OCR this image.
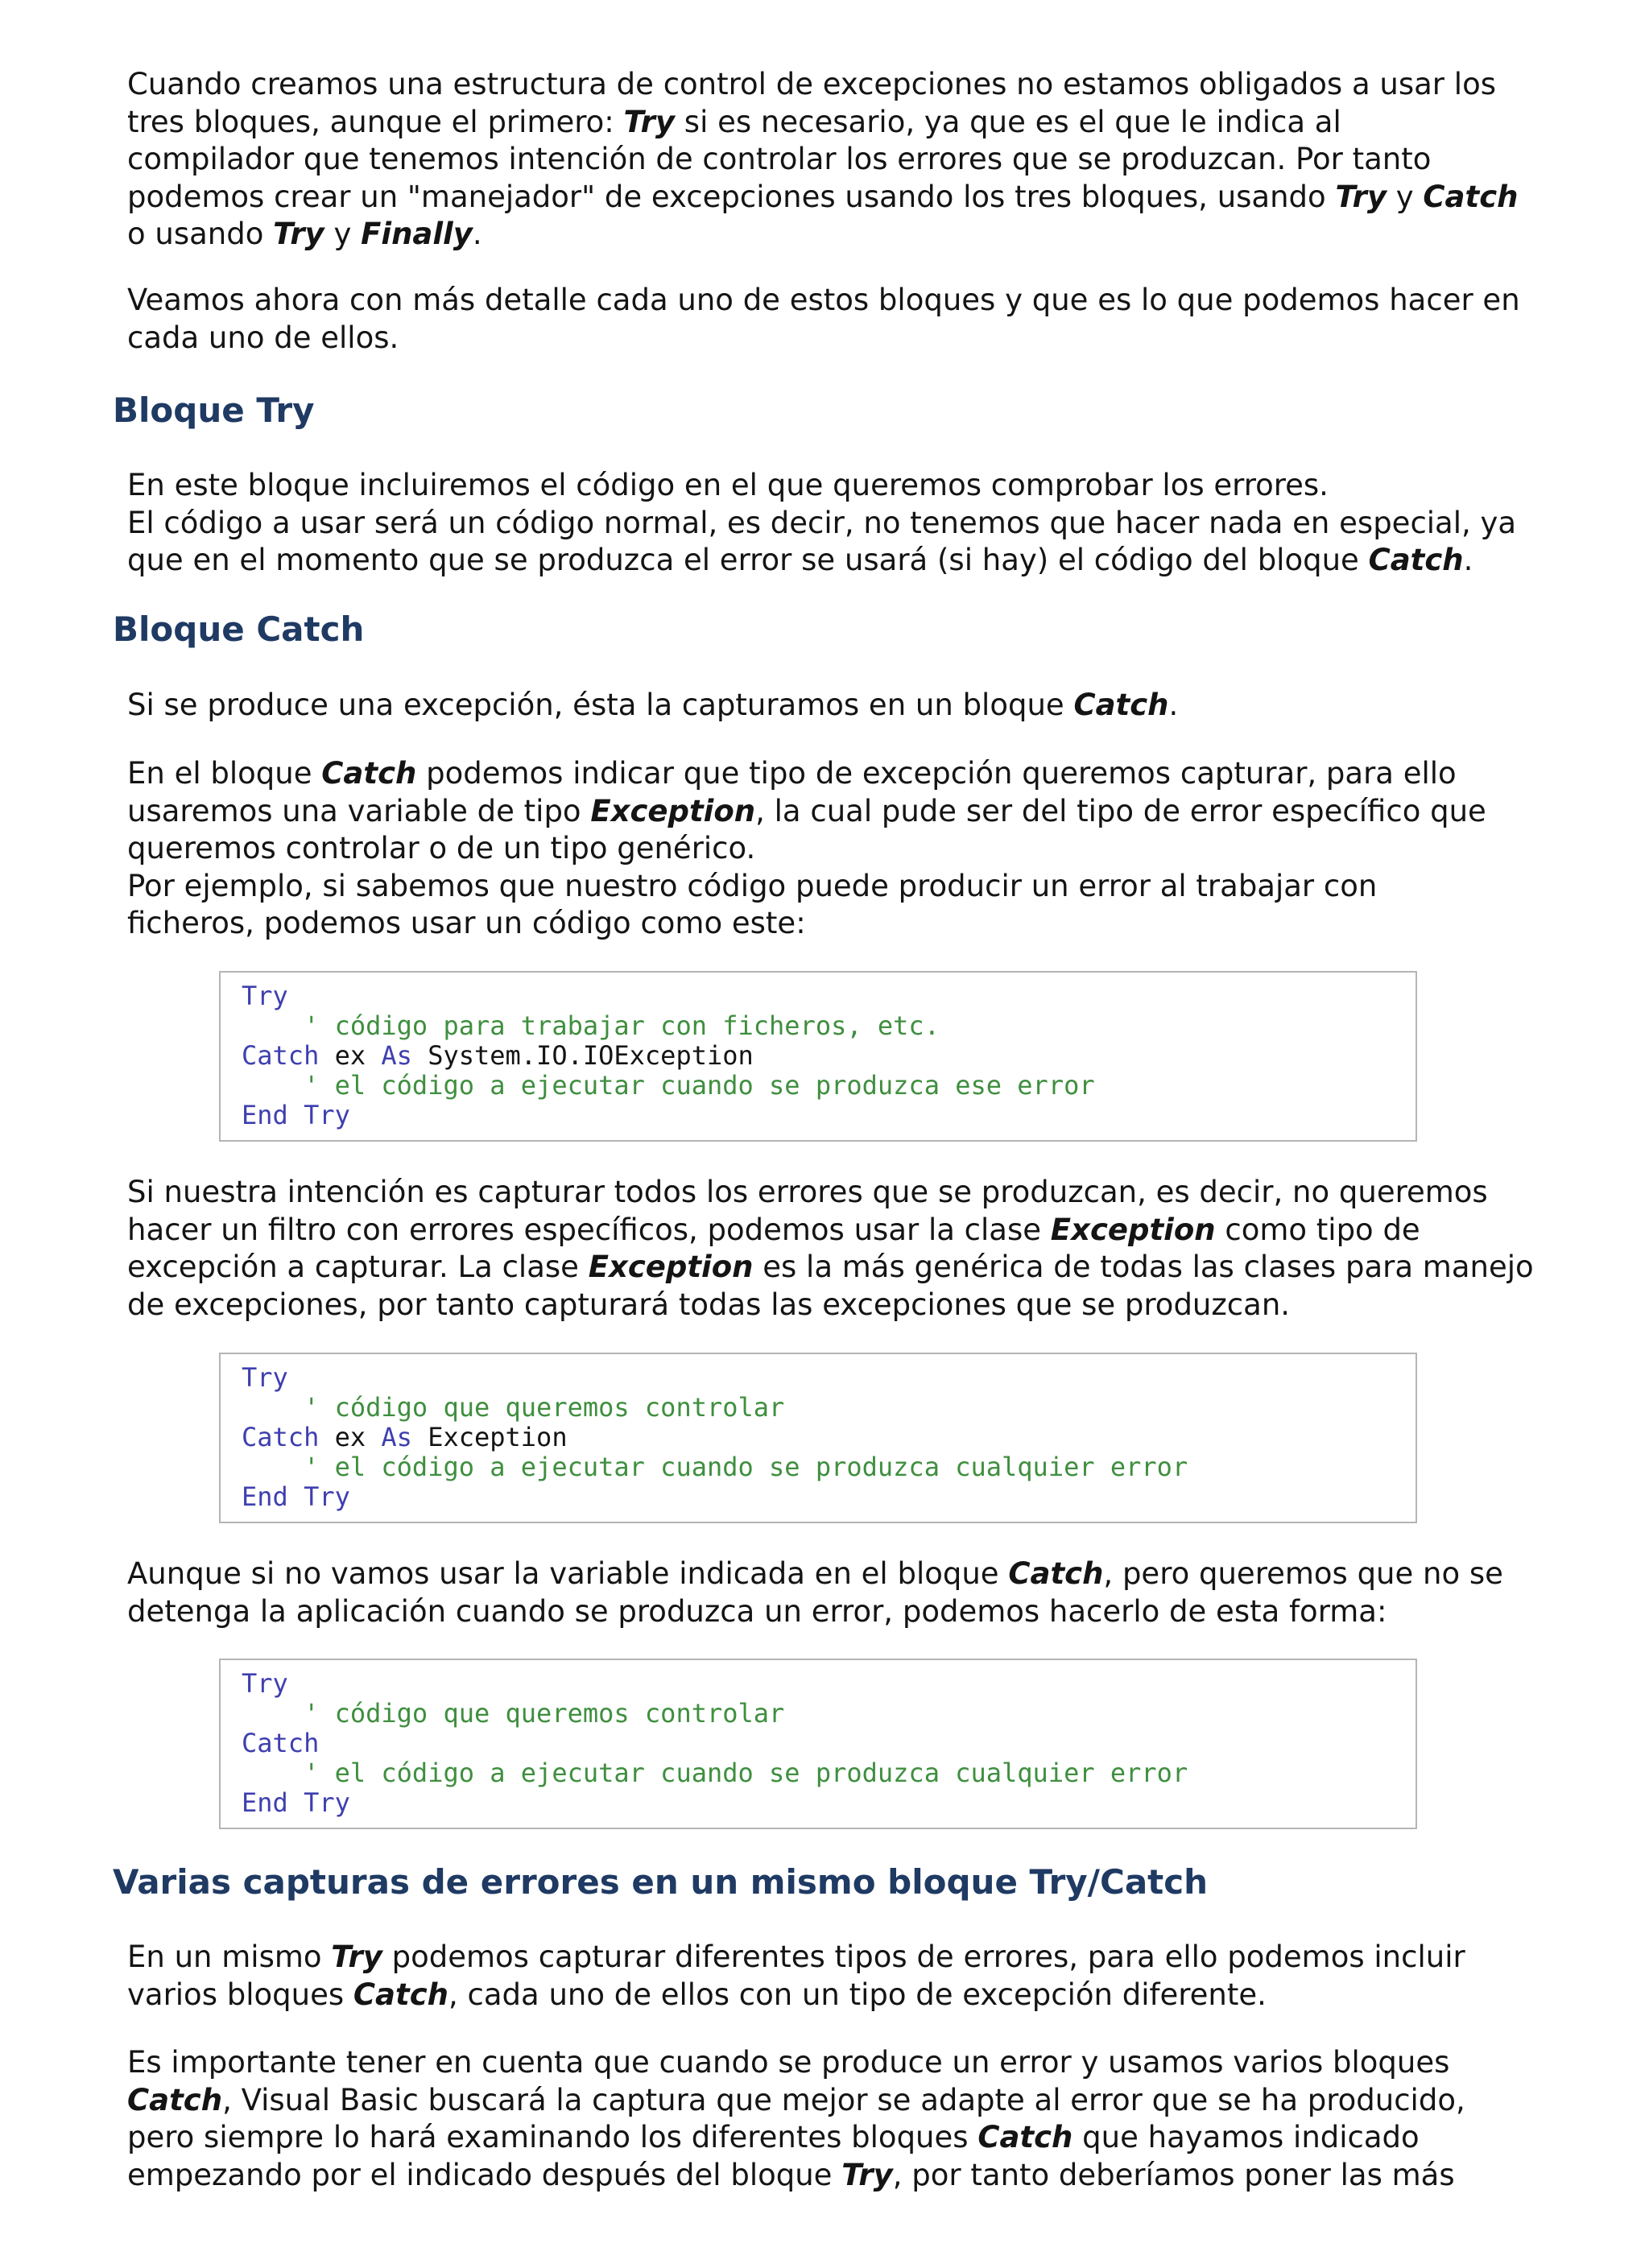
Cuando creamos una estructura de control de excepciones no estamos obligados a usar los
tres bloques, aunque el primero: Try si es necesario, ya que es el que le indica al
compilador que tenemos intención de controlar los errores que se produzcan. Por tanto
podemos crear un "manejador" de excepciones usando los tres bloques, usando Try y Catch
o usando Try y Finally.

Veamos ahora con más detalle cada uno de estos bloques y que es lo que podemos hacer en
cada uno de ellos.

Bloque Try

En este bloque incluiremos el código en el que queremos comprobar los errores.
El código a usar será un código normal, es decir, no tenemos que hacer nada en especial, ya
que en el momento que se produzca el error se usará (si hay) el código del bloque Catch.

Bloque Catch

Si se produce una excepción, ésta la capturamos en un bloque Catch.

En el bloque Catch podemos indicar que tipo de excepción queremos capturar, para ello
usaremos una variable de tipo Exception, la cual pude ser del tipo de error específico que
queremos controlar o de un tipo genérico.
Por ejemplo, si sabemos que nuestro código puede producir un error al trabajar con
ficheros, podemos usar un código como este:

Try
' código para trabajar con ficheros, etc.
Catch ex As System.IO.IOException
' el código a ejecutar cuando se produzca ese error
End Try

Si nuestra intención es capturar todos los errores que se produzcan, es decir, no queremos
hacer un filtro con errores específicos, podemos usar la clase Exception como tipo de
excepción a capturar. La clase Exception es la más genérica de todas las clases para manejo
de excepciones, por tanto capturará todas las excepciones que se produzcan.

Try
' código que queremos controlar
Catch ex As Exception
' el código a ejecutar cuando se produzca cualquier error
End Try

Aunque si no vamos usar la variable indicada en el bloque Catch, pero queremos que no se
detenga la aplicación cuando se produzca un error, podemos hacerlo de esta forma:

Try
' código que queremos controlar
Catch
' el código a ejecutar cuando se produzca cualquier error
End Try
Varias capturas de errores en un mismo bloque Try/Catch

En un mismo Try podemos capturar diferentes tipos de errores, para ello podemos incluir
varios bloques Catch, cada uno de ellos con un tipo de excepción diferente.

Es importante tener en cuenta que cuando se produce un error y usamos varios bloques
Catch, Visual Basic buscará la captura que mejor se adapte al error que se ha producido,
pero siempre lo hará examinando los diferentes bloques Catch que hayamos indicado
empezando por el indicado después del bloque Try, por tanto deberíamos poner las más
